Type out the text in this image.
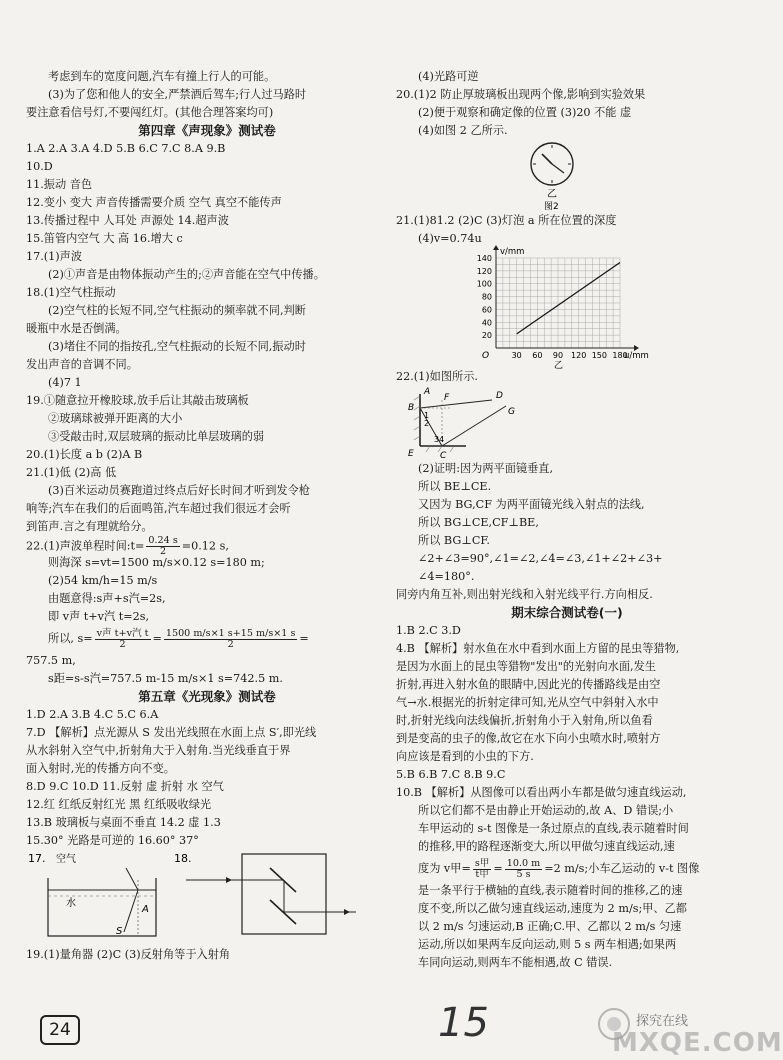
考虑到车的宽度问题,汽车有撞上行人的可能。
(3)为了您和他人的安全,严禁酒后驾车;行人过马路时
要注意看信号灯,不要闯红灯。(其他合理答案均可)
第四章《声现象》测试卷
1.A 2.A 3.A 4.D 5.B 6.C 7.C 8.A 9.B
10.D
11.振动 音色
12.变小 变大 声音传播需要介质 空气 真空不能传声
13.传播过程中 人耳处 声源处 14.超声波
15.笛管内空气 大 高 16.增大 c
17.(1)声波
(2)①声音是由物体振动产生的;②声音能在空气中传播。
18.(1)空气柱振动
(2)空气柱的长短不同,空气柱振动的频率就不同,判断
暖瓶中水是否倒满。
(3)堵住不同的指按孔,空气柱振动的长短不同,振动时
发出声音的音调不同。
(4)7 1
19.①随意拉开橡胶球,放手后让其敲击玻璃板
②玻璃球被弹开距离的大小
③受敲击时,双层玻璃的振动比单层玻璃的弱
20.(1)长度 a b (2)A B
21.(1)低 (2)高 低
(3)百米运动员赛跑道过终点后好长时间才听到发令枪
响等;汽车在我们的后面鸣笛,汽车超过我们很远才会听
到笛声.言之有理就给分。
22.(1)声波单程时间:t= $\frac{0.24 s}{2} =0.12$ s,
则海深 s=vt=1500 m/s×0.12 s=180 m;
(2)54 km/h=15 m/s
由题意得:s声+s汽=2s,
即 v声 t+v汽 t=2s,
所以, $s= \frac{\text{v声 t+v汽 t}}{2} = \frac{1500 m/s\times 1 s+15 m/s\times 1 s}{2}$ =
757.5 m,
s距=s-s汽=757.5 m-15 m/s×1 s=742.5 m.
第五章《光现象》测试卷
1.D 2.A 3.B 4.C 5.C 6.A
7.D 【解析】点光源从 S 发出光线照在水面上点 S′,即光线
从水斜射入空气中,折射角大于入射角.当光线垂直于界
面入射时,光的传播方向不变。
8.D 9.C 10.D 11.反射 虚 折射 水 空气
12.红 红纸反射红光 黑 红纸吸收绿光
13.B 玻璃板与桌面不垂直 14.2 虚 1.3
15.30° 光路是可逆的 16.60° 37°
17. 空气
水
A
S
18.
19.(1)量角器 (2)C (3)反射角等于入射角
(4)光路可逆
20.(1)2 防止厚玻璃板出现两个像,影响到实验效果
(2)便于观察和确定像的位置 (3)20 不能 虚
(4)如图 2 乙所示.
乙
图2
21.(1)81.2 (2)C (3)灯泡 a 所在位置的深度
(4)v=0.74u
20
40
60
80
100
120
140
30 60 90 120 150 180
O
v/mm
u/mm
乙
22.(1)如图所示.
A
B
F	D
G
E	C
1
2
34
(2)证明:因为两平面镜垂直,
所以 BE⊥CE.
又因为 BG,CF 为两平面镜光线入射点的法线,
所以 BG⊥CE,CF⊥BE,
所以 BG⊥CF.
∠2+∠3=90°,∠1=∠2,∠4=∠3,∠1+∠2+∠3+
∠4=180°.
同旁内角互补,则出射光线和入射光线平行.方向相反.
期末综合测试卷(一)
1.B 2.C 3.D
4.B 【解析】射水鱼在水中看到水面上方留的昆虫等猎物,
是因为水面上的昆虫等猎物"发出"的光射向水面,发生
折射,再进入射水鱼的眼睛中,因此光的传播路线是由空
气→水.根据光的折射定律可知,光从空气中斜射入水中
时,折射光线向法线偏折,折射角小于入射角,所以鱼看
到是变高的虫子的像,故它在水下向小虫喷水时,喷射方
向应该是看到的小虫的下方.
5.B 6.B 7.C 8.B 9.C
10.B 【解析】从图像可以看出两小车都是做匀速直线运动,
所以它们都不是由静止开始运动的,故 A、D 错误;小
车甲运动的 s-t 图像是一条过原点的直线,表示随着时间
的推移,甲的路程逐渐变大,所以甲做匀速直线运动,速
度为 v甲= $\frac{\text{s甲}}{\text{t甲}} = \frac{10.0 m}{5 s} =2$ m/s;小车乙运动的 v-t 图像
是一条平行于横轴的直线,表示随着时间的推移,乙的速
度不变,所以乙做匀速直线运动,速度为 2 m/s;甲、乙都
以 2 m/s 匀速运动,B 正确;C.甲、乙都以 2 m/s 匀速
运动,所以如果两车反向运动,则 5 s 两车相遇;如果两
车同向运动,则两车不能相遇,故 C 错误.
24	15	探究在线
MXQE.COM
